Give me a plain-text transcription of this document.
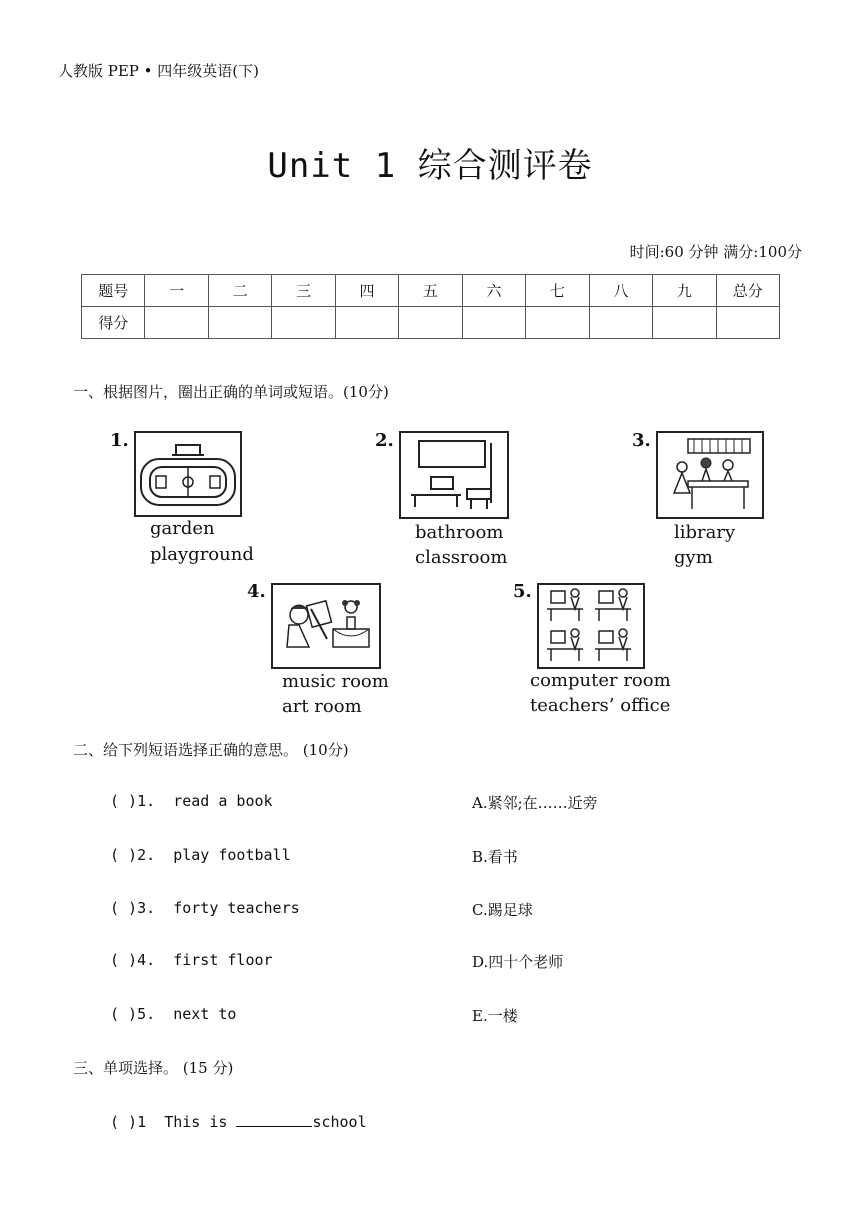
人教版 PEP • 四年级英语(下)
Unit 1 综合测评卷
时间:60 分钟 满分:100分
题号	一	二	三	四	五	六	七	八	九	总分
得分										
一、根据图片，圈出正确的单词或短语。(10分)
1.
garden
playground
2.
bathroom
classroom
3.
library
gym
4.
music room
art room
5.
computer room
teachers’ office
二、给下列短语选择正确的意思。 (10分)
( )1. read a book	A.紧邻;在……近旁
( )2. play football	B.看书
( )3. forty teachers	C.踢足球
( )4. first floor	D.四十个老师
( )5. next to	E.一楼
三、单项选择。 (15 分)
( )1 This is	school
